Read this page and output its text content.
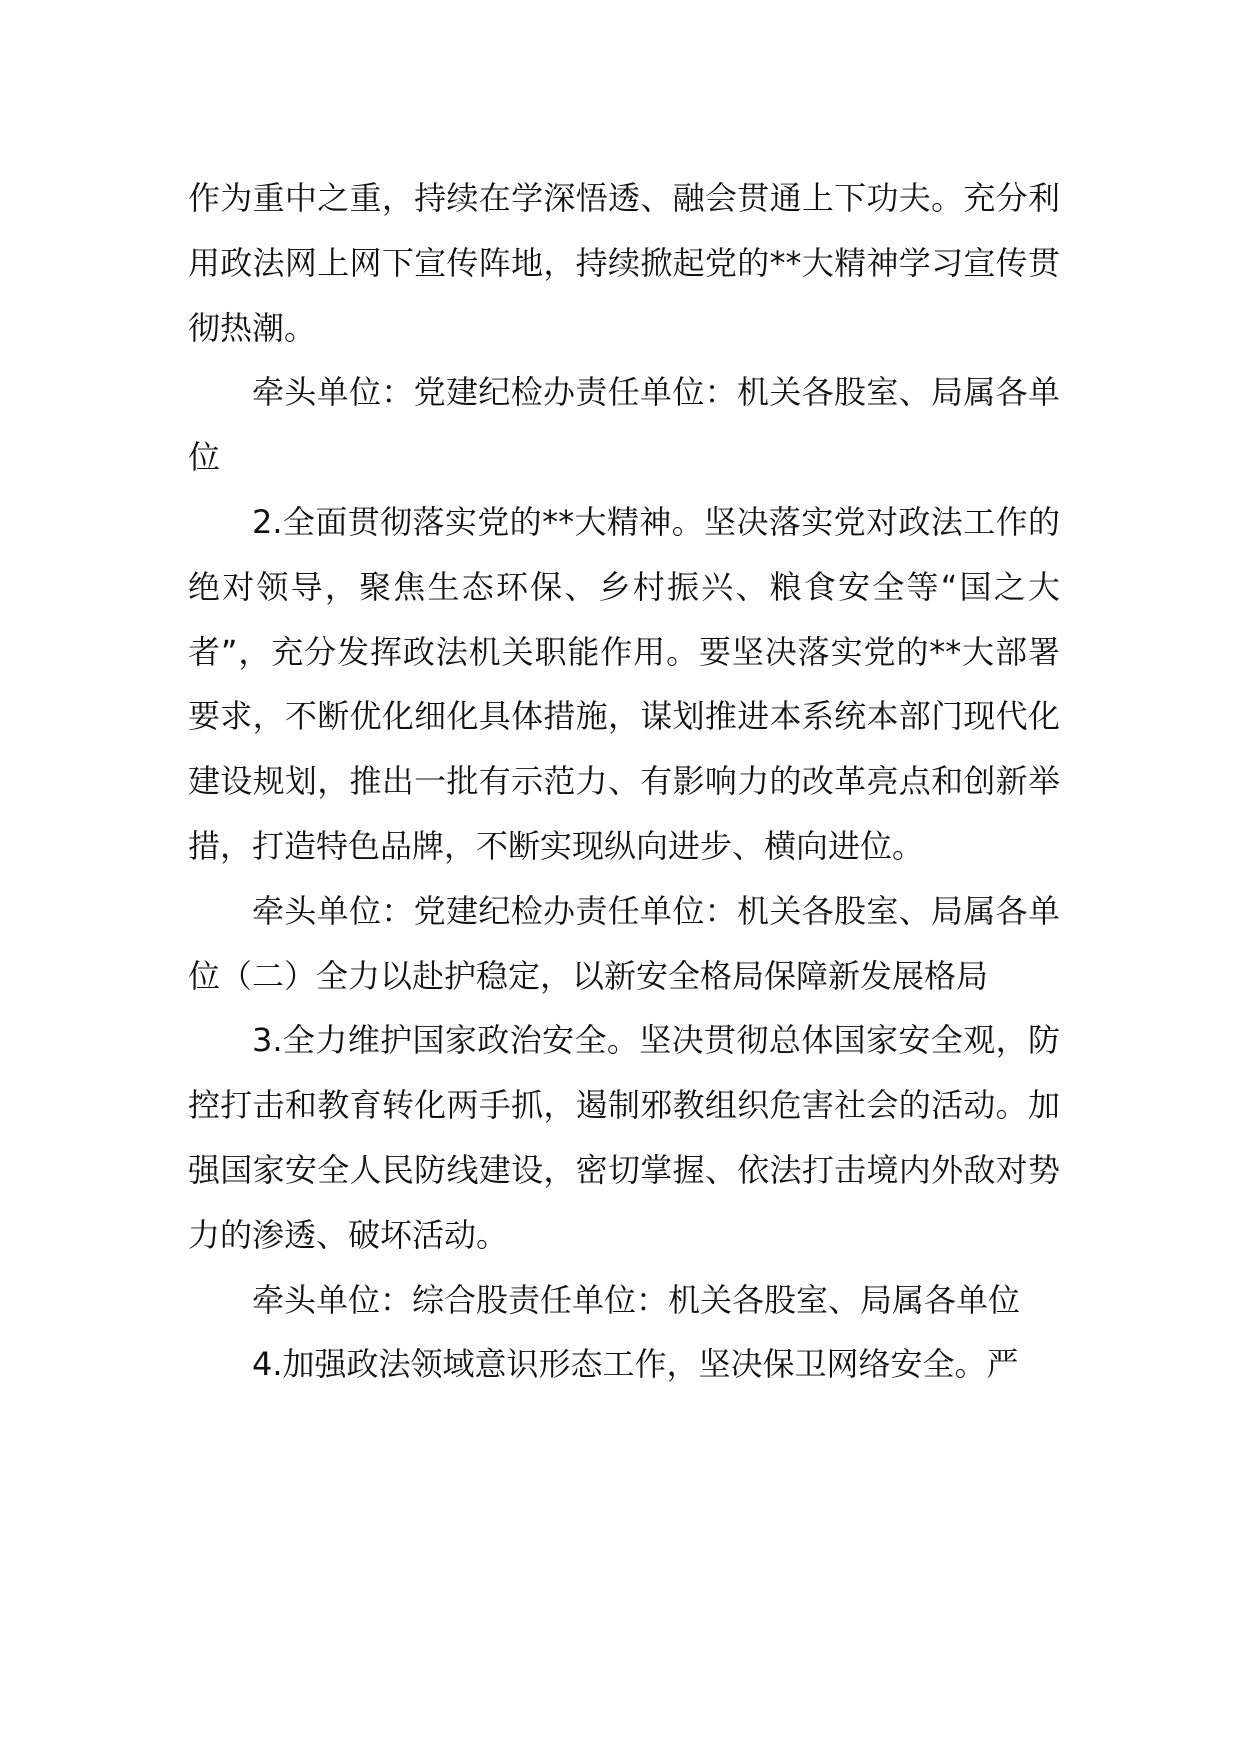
作为重中之重，持续在学深悟透、融会贯通上下功夫。充分利用政法网上网下宣传阵地，持续掀起党的**大精神学习宣传贯彻热潮。

牵头单位：党建纪检办责任单位：机关各股室、局属各单位

2.全面贯彻落实党的**大精神。坚决落实党对政法工作的绝对领导，聚焦生态环保、乡村振兴、粮食安全等“国之大者”，充分发挥政法机关职能作用。要坚决落实党的**大部署要求，不断优化细化具体措施，谋划推进本系统本部门现代化建设规划，推出一批有示范力、有影响力的改革亮点和创新举措，打造特色品牌，不断实现纵向进步、横向进位。

牵头单位：党建纪检办责任单位：机关各股室、局属各单位（二）全力以赴护稳定，以新安全格局保障新发展格局

3.全力维护国家政治安全。坚决贯彻总体国家安全观，防控打击和教育转化两手抓，遏制邪教组织危害社会的活动。加强国家安全人民防线建设，密切掌握、依法打击境内外敌对势力的渗透、破坏活动。

牵头单位：综合股责任单位：机关各股室、局属各单位

4.加强政法领域意识形态工作，坚决保卫网络安全。严
